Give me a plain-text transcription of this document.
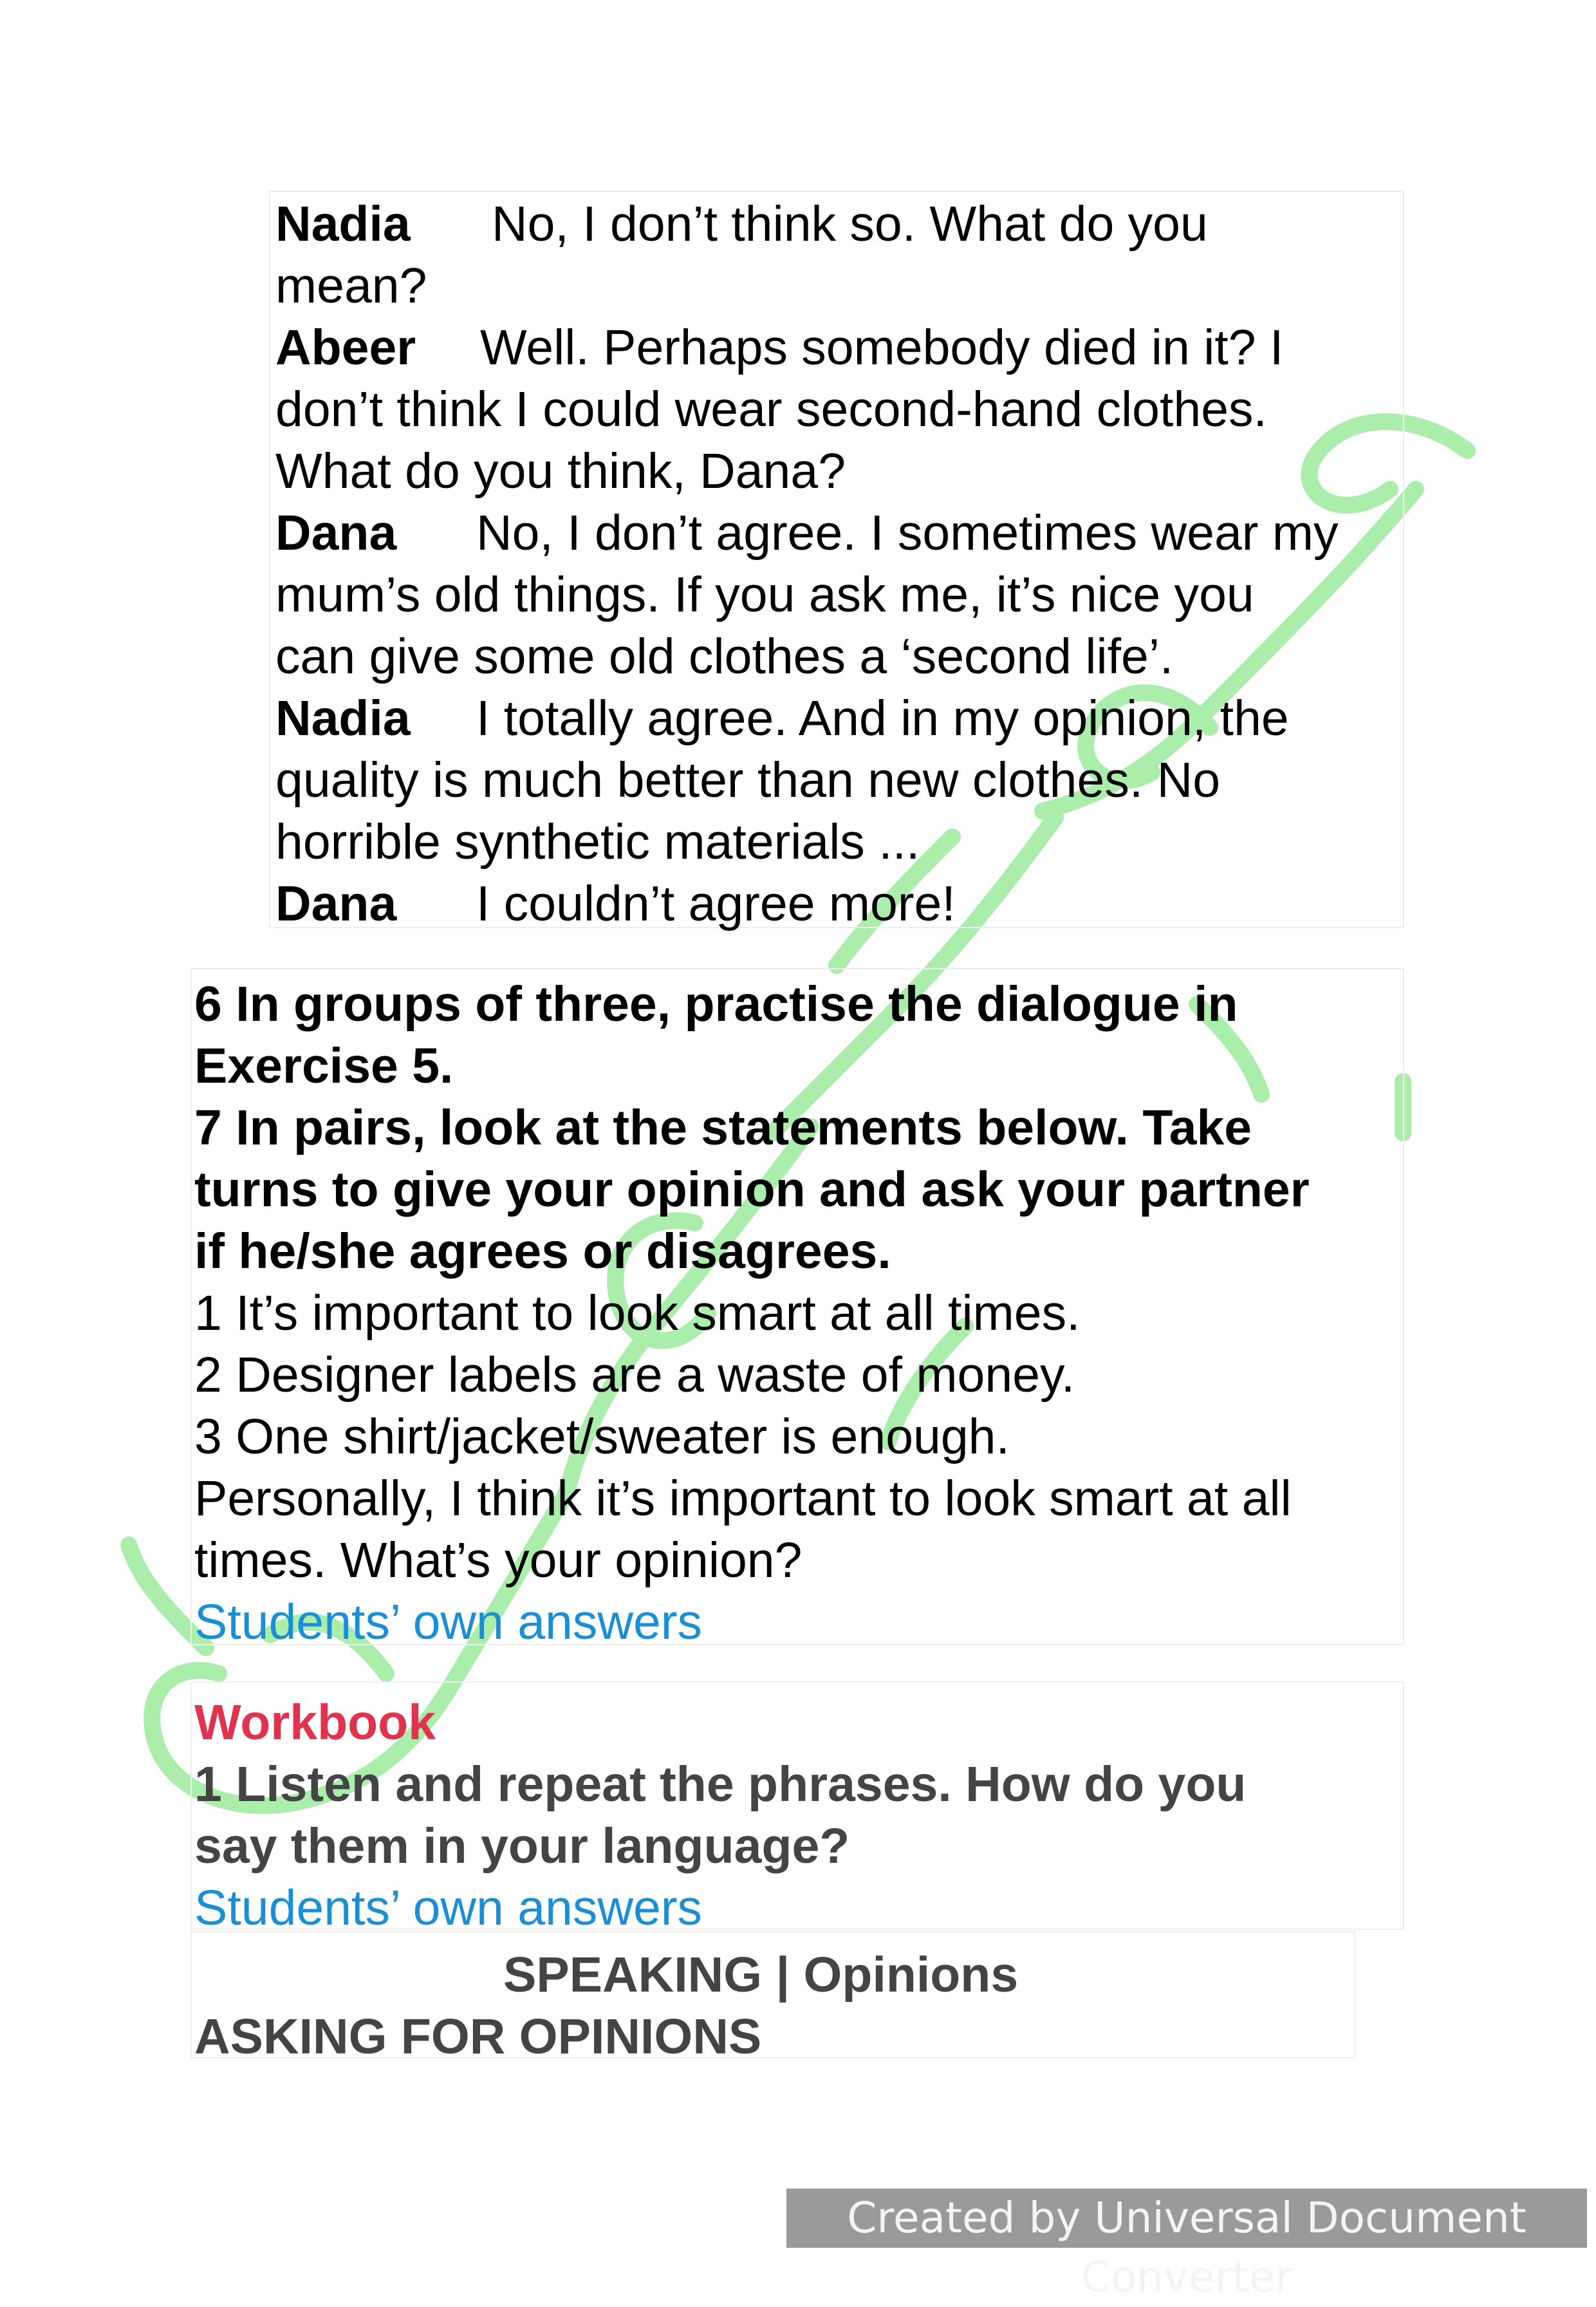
Nadia No, I don’t think so. What do you
mean?
Abeer Well. Perhaps somebody died in it? I
don’t think I could wear second-hand clothes.
What do you think, Dana?
Dana No, I don’t agree. I sometimes wear my
mum’s old things. If you ask me, it’s nice you
can give some old clothes a ‘second life’.
Nadia I totally agree. And in my opinion, the
quality is much better than new clothes. No
horrible synthetic materials ...
Dana I couldn’t agree more!
6 In groups of three, practise the dialogue in
Exercise 5.
7 In pairs, look at the statements below. Take
turns to give your opinion and ask your partner
if he/she agrees or disagrees.
1 It’s important to look smart at all times.
2 Designer labels are a waste of money.
3 One shirt/jacket/sweater is enough.
Personally, I think it’s important to look smart at all
times. What’s your opinion?
Students’ own answers
Workbook
1 Listen and repeat the phrases. How do you
say them in your language?
Students’ own answers
SPEAKING | Opinions
ASKING FOR OPINIONS
Created by Universal Document Converter
